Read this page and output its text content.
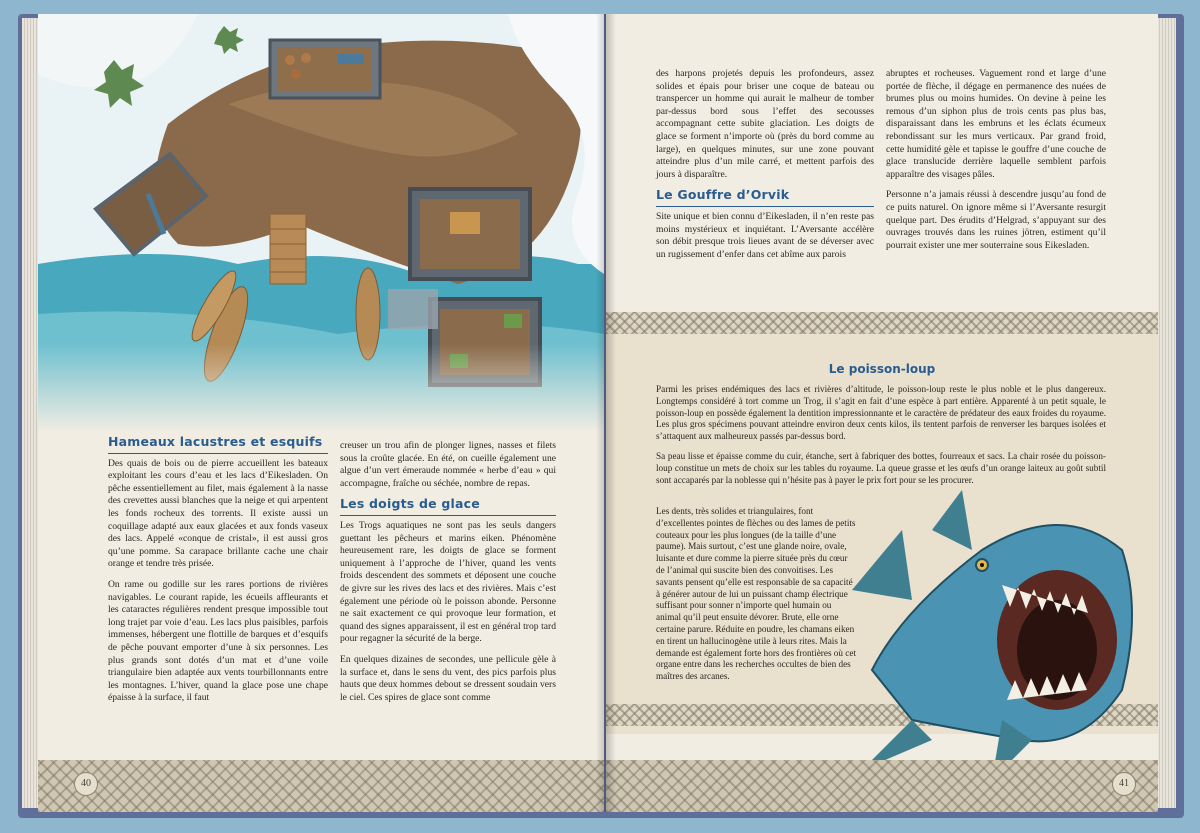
Hameaux lacustres et esquifs

Des quais de bois ou de pierre accueillent les bateaux exploitant les cours d’eau et les lacs d’Eikesladen. On pêche essentiellement au filet, mais également à la nasse des crevettes aussi blanches que la neige et qui arpentent les fonds rocheux des torrents. Il existe aussi un coquillage adapté aux eaux glacées et aux fonds vaseux des lacs. Appelé «conque de cristal», il est aussi gros qu’une pomme. Sa carapace brillante cache une chair orange et tendre très prisée.

On rame ou godille sur les rares portions de rivières navigables. Le courant rapide, les écueils affleurants et les cataractes régulières rendent presque impossible tout long trajet par voie d’eau. Les lacs plus paisibles, parfois immenses, hébergent une flottille de barques et d’esquifs de pêche pouvant emporter d’une à six personnes. Les plus grands sont dotés d’un mat et d’une voile triangulaire bien adaptée aux vents tourbillonnants entre les montagnes. L’hiver, quand la glace pose une chape épaisse à la surface, il faut

creuser un trou afin de plonger lignes, nasses et filets sous la croûte glacée. En été, on cueille également une algue d’un vert émeraude nommée « herbe d’eau » qui accompagne, fraîche ou séchée, nombre de repas.

Les doigts de glace

Les Trogs aquatiques ne sont pas les seuls dangers guettant les pêcheurs et marins eiken. Phénomène heureusement rare, les doigts de glace se forment uniquement à l’approche de l’hiver, quand les vents froids descendent des sommets et déposent une couche de givre sur les rives des lacs et des rivières. Mais c’est également une période où le poisson abonde. Personne ne sait exactement ce qui provoque leur formation, et quand des signes apparaissent, il est en général trop tard pour regagner la sécurité de la berge.

En quelques dizaines de secondes, une pellicule gèle à la surface et, dans le sens du vent, des pics parfois plus hauts que deux hommes debout se dressent soudain vers le ciel. Ces spires de glace sont comme

40

des harpons projetés depuis les profondeurs, assez solides et épais pour briser une coque de bateau ou transpercer un homme qui aurait le malheur de tomber par-dessus bord sous l’effet des secousses accompagnant cette subite glaciation. Les doigts de glace se forment n’importe où (près du bord comme au large), en quelques minutes, sur une zone pouvant atteindre plus d’un mile carré, et mettent parfois des jours à disparaître.

Le Gouffre d’Orvik

Site unique et bien connu d’Eikesladen, il n’en reste pas moins mystérieux et inquiétant. L’Aversante accélère son débit presque trois lieues avant de se déverser avec un rugissement d’enfer dans cet abîme aux parois

abruptes et rocheuses. Vaguement rond et large d’une portée de flèche, il dégage en permanence des nuées de brumes plus ou moins humides. On devine à peine les remous d’un siphon plus de trois cents pas plus bas, disparaissant dans les embruns et les éclats écumeux rebondissant sur les murs verticaux. Par grand froid, cette humidité gèle et tapisse le gouffre d’une couche de glace translucide derrière laquelle semblent parfois apparaître des visages pâles.

Personne n’a jamais réussi à descendre jusqu’au fond de ce puits naturel. On ignore même si l’Aversante resurgit quelque part. Des érudits d’Helgrad, s’appuyant sur des ouvrages trouvés dans les ruines jötren, estiment qu’il pourrait exister une mer souterraine sous Eikesladen.

Le poisson-loup

Parmi les prises endémiques des lacs et rivières d’altitude, le poisson-loup reste le plus noble et le plus dangereux. Longtemps considéré à tort comme un Trog, il s’agit en fait d’une espèce à part entière. Apparenté à un petit squale, le poisson-loup en possède également la dentition impressionnante et le caractère de prédateur des eaux froides du royaume. Les plus gros spécimens pouvant atteindre environ deux cents kilos, ils tentent parfois de renverser les barques isolées et s’attaquent aux malheureux passés par-dessus bord.

Sa peau lisse et épaisse comme du cuir, étanche, sert à fabriquer des bottes, fourreaux et sacs. La chair rosée du poisson-loup constitue un mets de choix sur les tables du royaume. La queue grasse et les œufs d’un orange laiteux au goût subtil sont accaparés par la noblesse qui n’hésite pas à payer le prix fort pour se les procurer.

Les dents, très solides et triangulaires, font d’excellentes pointes de flèches ou des lames de petits couteaux pour les plus longues (de la taille d’une paume). Mais surtout, c’est une glande noire, ovale, luisante et dure comme la pierre située près du cœur de l’animal qui suscite bien des convoitises. Les savants pensent qu’elle est responsable de sa capacité à générer autour de lui un puissant champ électrique suffisant pour sonner n’importe quel humain ou animal qu’il peut ensuite dévorer. Brute, elle orne certaine parure. Réduite en poudre, les chamans eiken en tirent un hallucinogène utile à leurs rites. Mais la demande est également forte hors des frontières où cet organe entre dans les recherches occultes de bien des maîtres des arcanes.

41
